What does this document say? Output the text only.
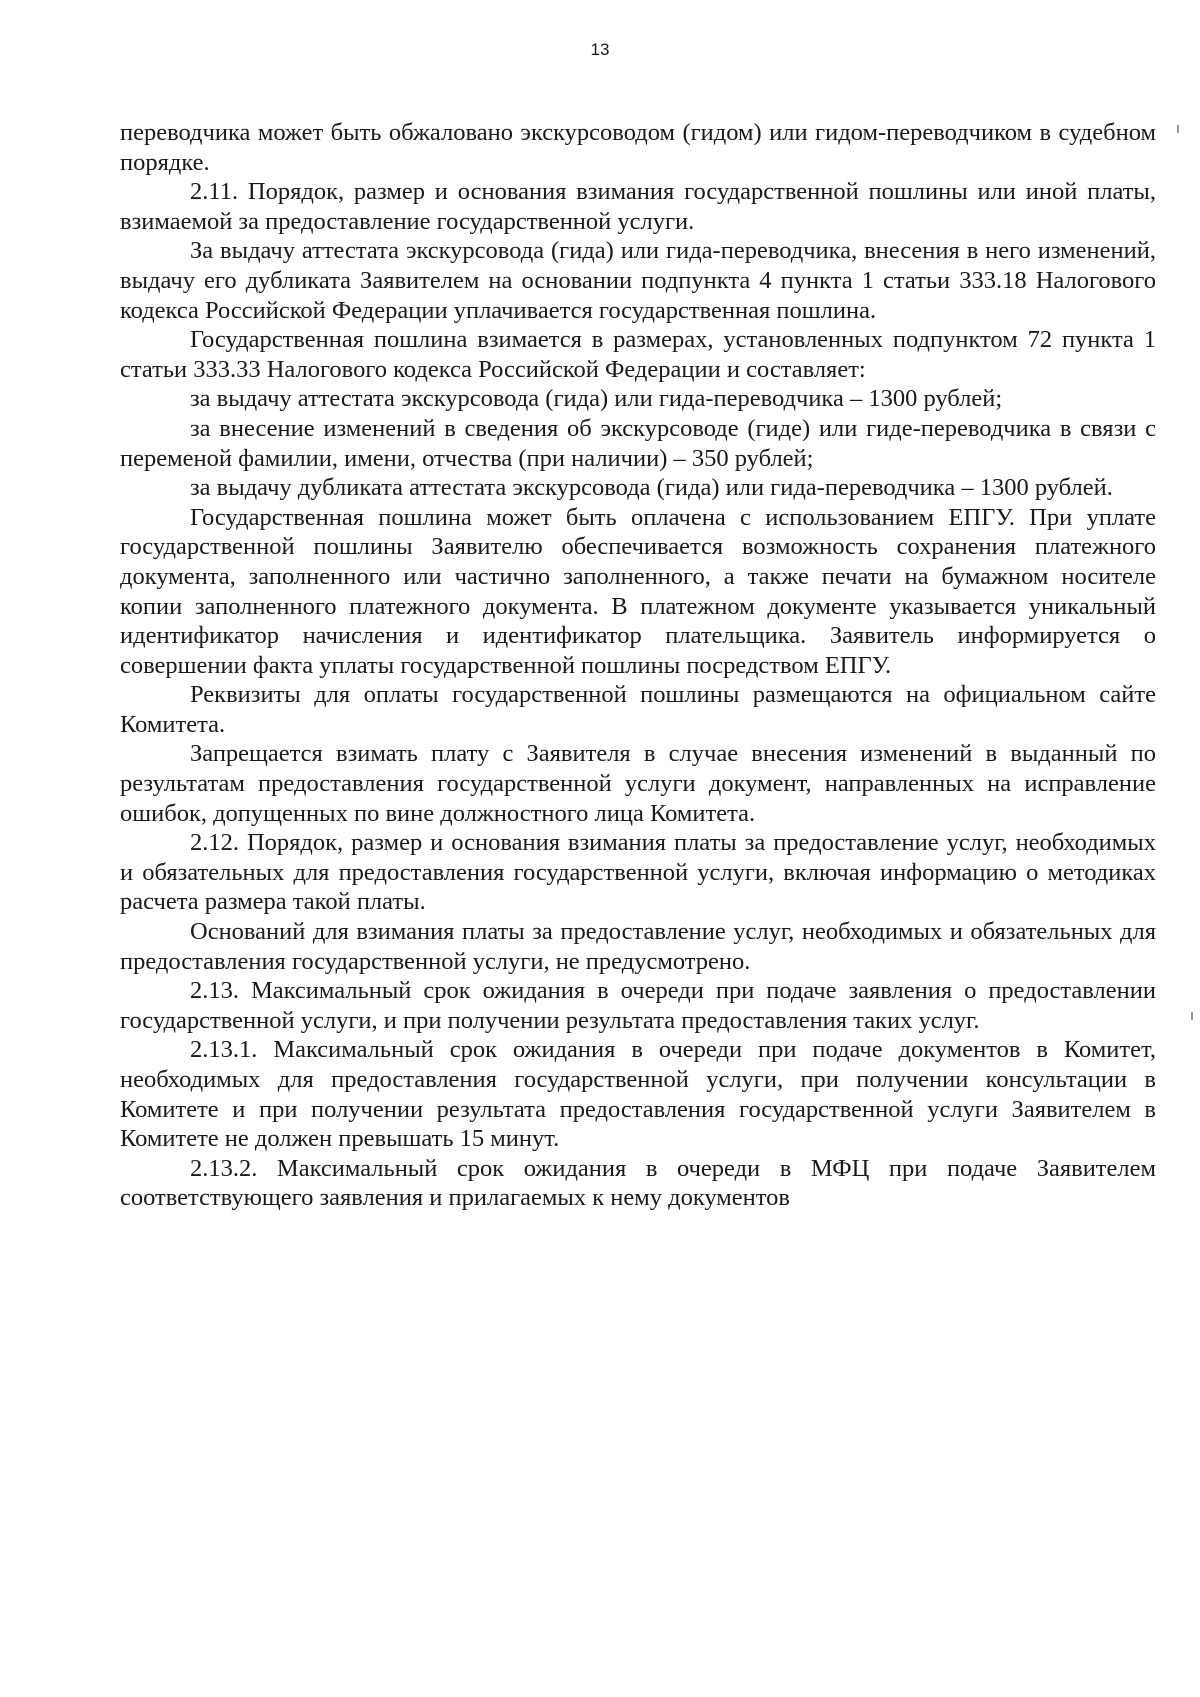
13

переводчика может быть обжаловано экскурсоводом (гидом) или гидом-переводчиком в судебном порядке.

2.11. Порядок, размер и основания взимания государственной пошлины или иной платы, взимаемой за предоставление государственной услуги.

За выдачу аттестата экскурсовода (гида) или гида-переводчика, внесения в него изменений, выдачу его дубликата Заявителем на основании подпункта 4 пункта 1 статьи 333.18 Налогового кодекса Российской Федерации уплачивается государственная пошлина.

Государственная пошлина взимается в размерах, установленных подпунктом 72 пункта 1 статьи 333.33 Налогового кодекса Российской Федерации и составляет:

за выдачу аттестата экскурсовода (гида) или гида-переводчика – 1300 рублей;

за внесение изменений в сведения об экскурсоводе (гиде) или гиде-переводчика в связи с переменой фамилии, имени, отчества (при наличии) – 350 рублей;

за выдачу дубликата аттестата экскурсовода (гида) или гида-переводчика – 1300 рублей.

Государственная пошлина может быть оплачена с использованием ЕПГУ. При уплате государственной пошлины Заявителю обеспечивается возможность сохранения платежного документа, заполненного или частично заполненного, а также печати на бумажном носителе копии заполненного платежного документа. В платежном документе указывается уникальный идентификатор начисления и идентификатор плательщика. Заявитель информируется о совершении факта уплаты государственной пошлины посредством ЕПГУ.

Реквизиты для оплаты государственной пошлины размещаются на официальном сайте Комитета.

Запрещается взимать плату с Заявителя в случае внесения изменений в выданный по результатам предоставления государственной услуги документ, направленных на исправление ошибок, допущенных по вине должностного лица Комитета.

2.12. Порядок, размер и основания взимания платы за предоставление услуг, необходимых и обязательных для предоставления государственной услуги, включая информацию о методиках расчета размера такой платы.

Оснований для взимания платы за предоставление услуг, необходимых и обязательных для предоставления государственной услуги, не предусмотрено.

2.13. Максимальный срок ожидания в очереди при подаче заявления о предоставлении государственной услуги, и при получении результата предоставления таких услуг.

2.13.1. Максимальный срок ожидания в очереди при подаче документов в Комитет, необходимых для предоставления государственной услуги, при получении консультации в Комитете и при получении результата предоставления государственной услуги Заявителем в Комитете не должен превышать 15 минут.

2.13.2. Максимальный срок ожидания в очереди в МФЦ при подаче Заявителем соответствующего заявления и прилагаемых к нему документов
